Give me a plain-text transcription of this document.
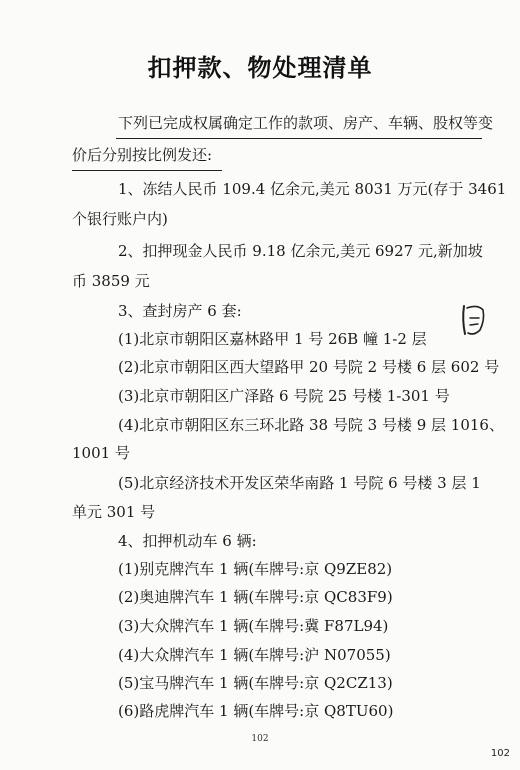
扣押款、物处理清单
下列已完成权属确定工作的款项、房产、车辆、股权等变
价后分别按比例发还:
1、冻结人民币 109.4 亿余元,美元 8031 万元(存于 3461
个银行账户内)
2、扣押现金人民币 9.18 亿余元,美元 6927 元,新加坡
币 3859 元
3、查封房产 6 套:
(1)北京市朝阳区嘉林路甲 1 号 26B 幢 1-2 层
(2)北京市朝阳区西大望路甲 20 号院 2 号楼 6 层 602 号
(3)北京市朝阳区广泽路 6 号院 25 号楼 1-301 号
(4)北京市朝阳区东三环北路 38 号院 3 号楼 9 层 1016、
1001 号
(5)北京经济技术开发区荣华南路 1 号院 6 号楼 3 层 1
单元 301 号
4、扣押机动车 6 辆:
(1)别克牌汽车 1 辆(车牌号:京 Q9ZE82)
(2)奥迪牌汽车 1 辆(车牌号:京 QC83F9)
(3)大众牌汽车 1 辆(车牌号:冀 F87L94)
(4)大众牌汽车 1 辆(车牌号:沪 N07055)
(5)宝马牌汽车 1 辆(车牌号:京 Q2CZ13)
(6)路虎牌汽车 1 辆(车牌号:京 Q8TU60)
102
102
